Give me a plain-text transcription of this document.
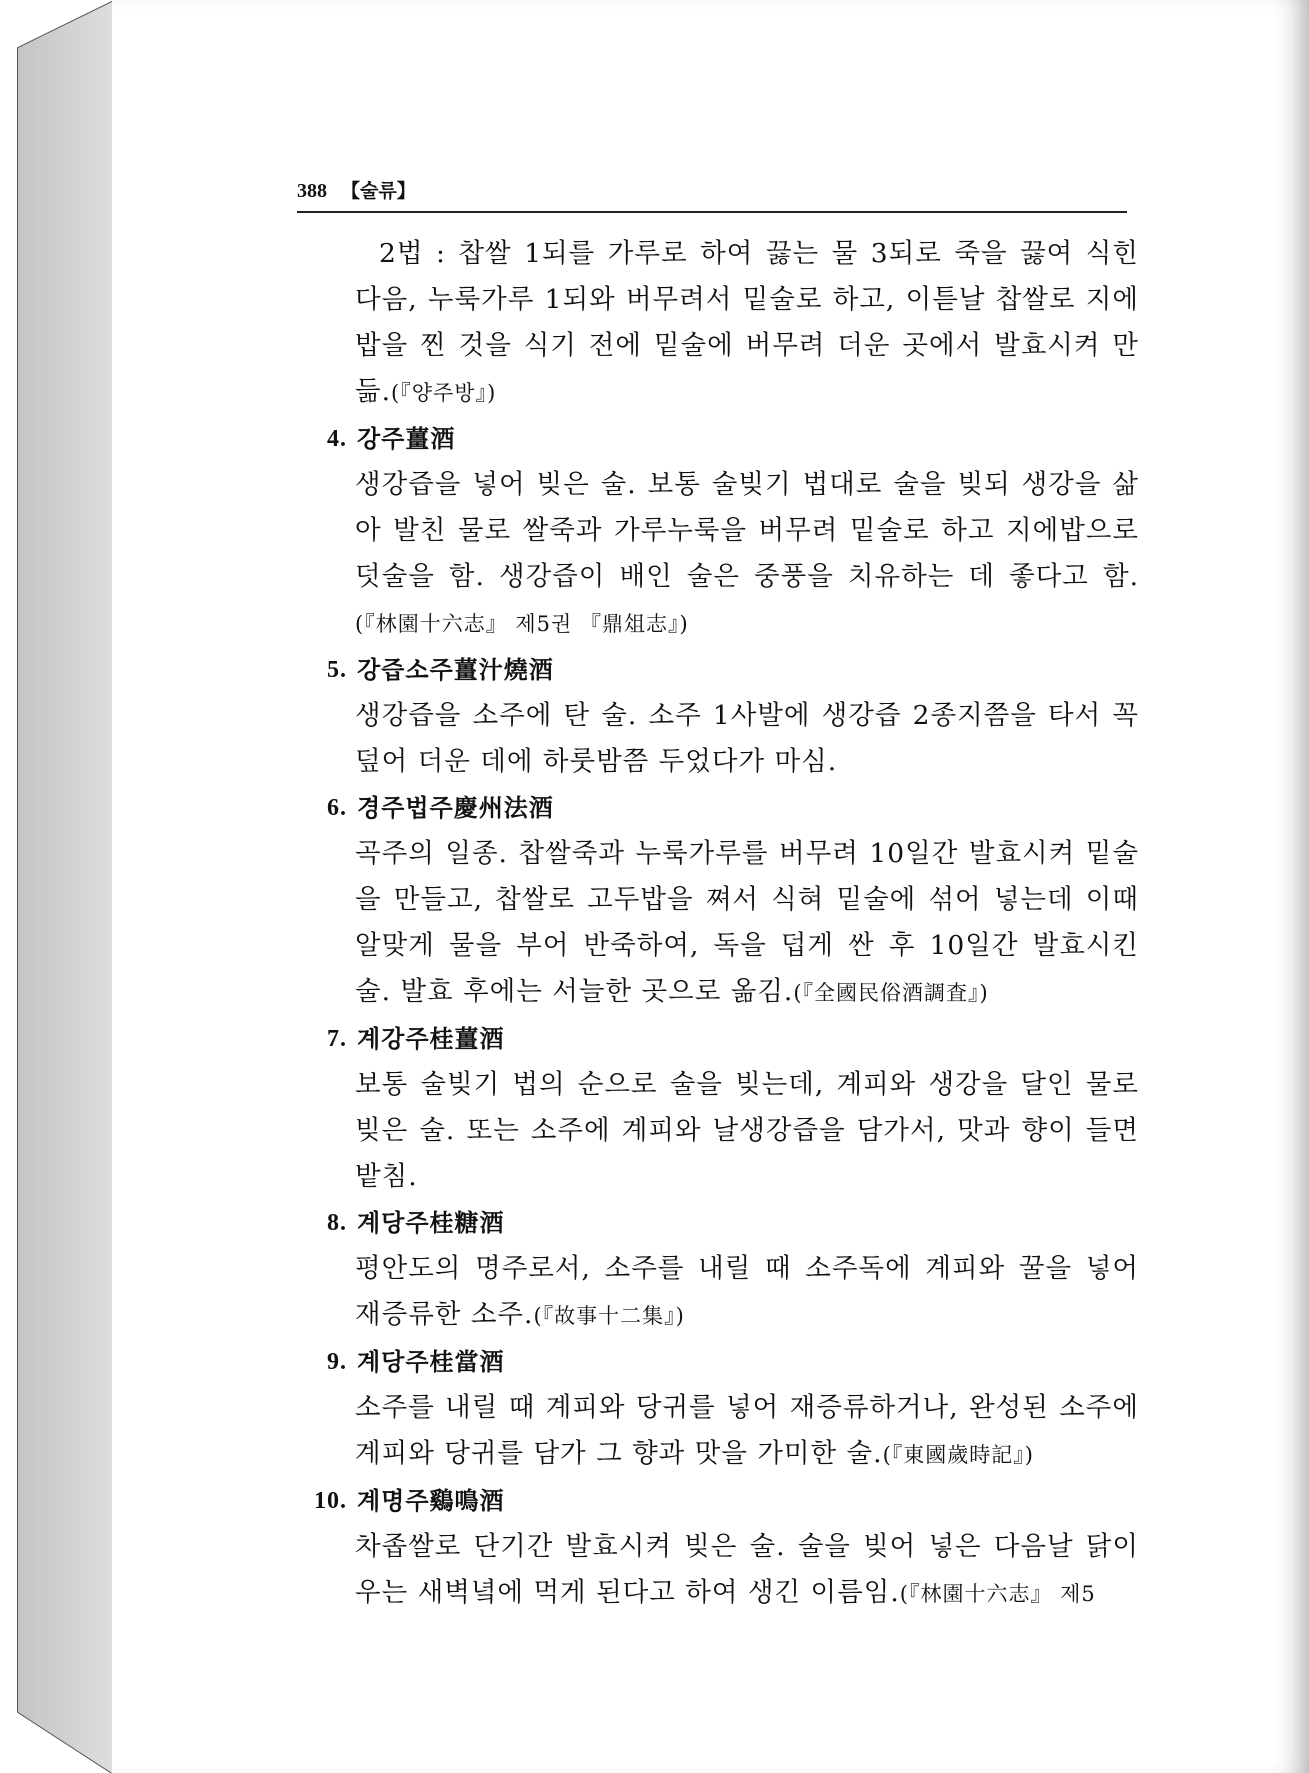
388 【술류】

2법 : 찹쌀 1되를 가루로 하여 끓는 물 3되로 죽을 끓여 식힌 다음, 누룩가루 1되와 버무려서 밑술로 하고, 이튿날 찹쌀로 지에밥을 찐 것을 식기 전에 밑술에 버무려 더운 곳에서 발효시켜 만듦.(『양주방』)

4. 강주薑酒

생강즙을 넣어 빚은 술. 보통 술빚기 법대로 술을 빚되 생강을 삶아 발친 물로 쌀죽과 가루누룩을 버무려 밑술로 하고 지에밥으로 덧술을 함. 생강즙이 배인 술은 중풍을 치유하는 데 좋다고 함.(『林園十六志』 제5권 『鼎俎志』)

5. 강즙소주薑汁燒酒

생강즙을 소주에 탄 술. 소주 1사발에 생강즙 2종지쯤을 타서 꼭 덮어 더운 데에 하룻밤쯤 두었다가 마심.

6. 경주법주慶州法酒

곡주의 일종. 찹쌀죽과 누룩가루를 버무려 10일간 발효시켜 밑술을 만들고, 찹쌀로 고두밥을 쪄서 식혀 밑술에 섞어 넣는데 이때 알맞게 물을 부어 반죽하여, 독을 덥게 싼 후 10일간 발효시킨 술. 발효 후에는 서늘한 곳으로 옮김.(『全國民俗酒調査』)

7. 계강주桂薑酒

보통 술빚기 법의 순으로 술을 빚는데, 계피와 생강을 달인 물로 빚은 술. 또는 소주에 계피와 날생강즙을 담가서, 맛과 향이 들면 밭침.

8. 계당주桂糖酒

평안도의 명주로서, 소주를 내릴 때 소주독에 계피와 꿀을 넣어 재증류한 소주.(『故事十二集』)

9. 계당주桂當酒

소주를 내릴 때 계피와 당귀를 넣어 재증류하거나, 완성된 소주에 계피와 당귀를 담가 그 향과 맛을 가미한 술.(『東國歲時記』)

10. 계명주鷄鳴酒

차좁쌀로 단기간 발효시켜 빚은 술. 술을 빚어 넣은 다음날 닭이 우는 새벽녘에 먹게 된다고 하여 생긴 이름임.(『林園十六志』 제5
